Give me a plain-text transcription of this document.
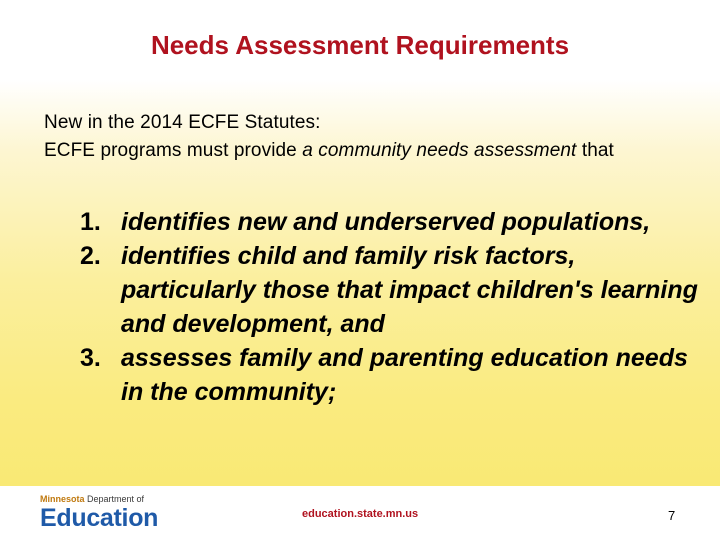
Needs Assessment Requirements

New in the 2014 ECFE Statutes:

ECFE programs must provide a community needs assessment that

1. identifies new and underserved populations,
2. identifies child and family risk factors, particularly those that impact children's learning and development, and
3. assesses family and parenting education needs in the community;
Minnesota Department of
Education	education.state.mn.us	7
